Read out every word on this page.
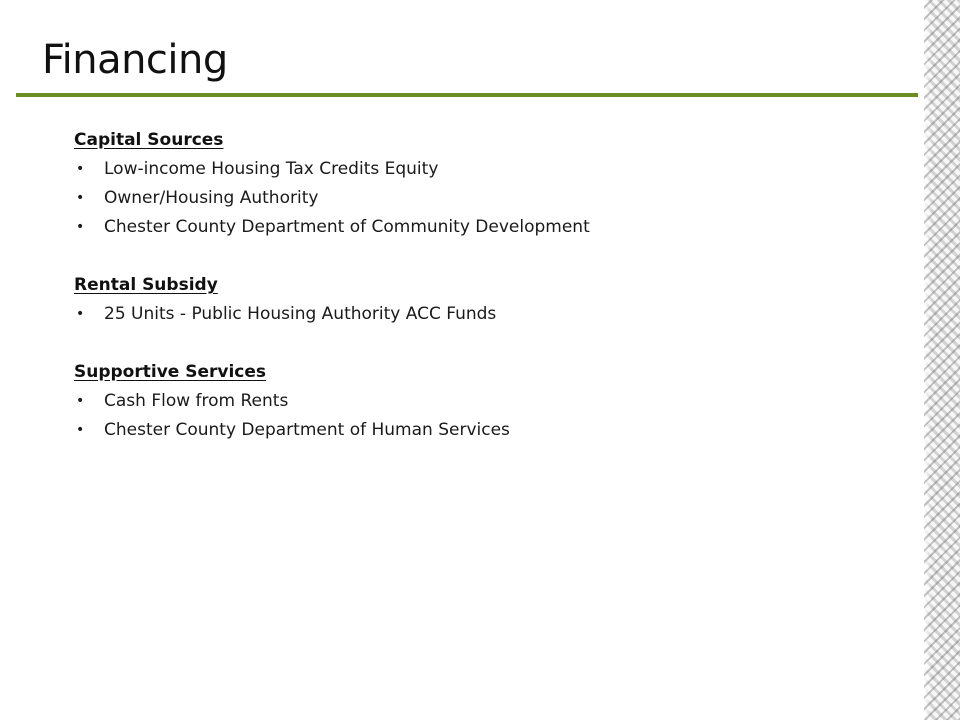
Financing
Capital Sources
• Low-income Housing Tax Credits Equity
• Owner/Housing Authority
• Chester County Department of Community Development
Rental Subsidy
• 25 Units - Public Housing Authority ACC Funds
Supportive Services
• Cash Flow from Rents
• Chester County Department of Human Services
